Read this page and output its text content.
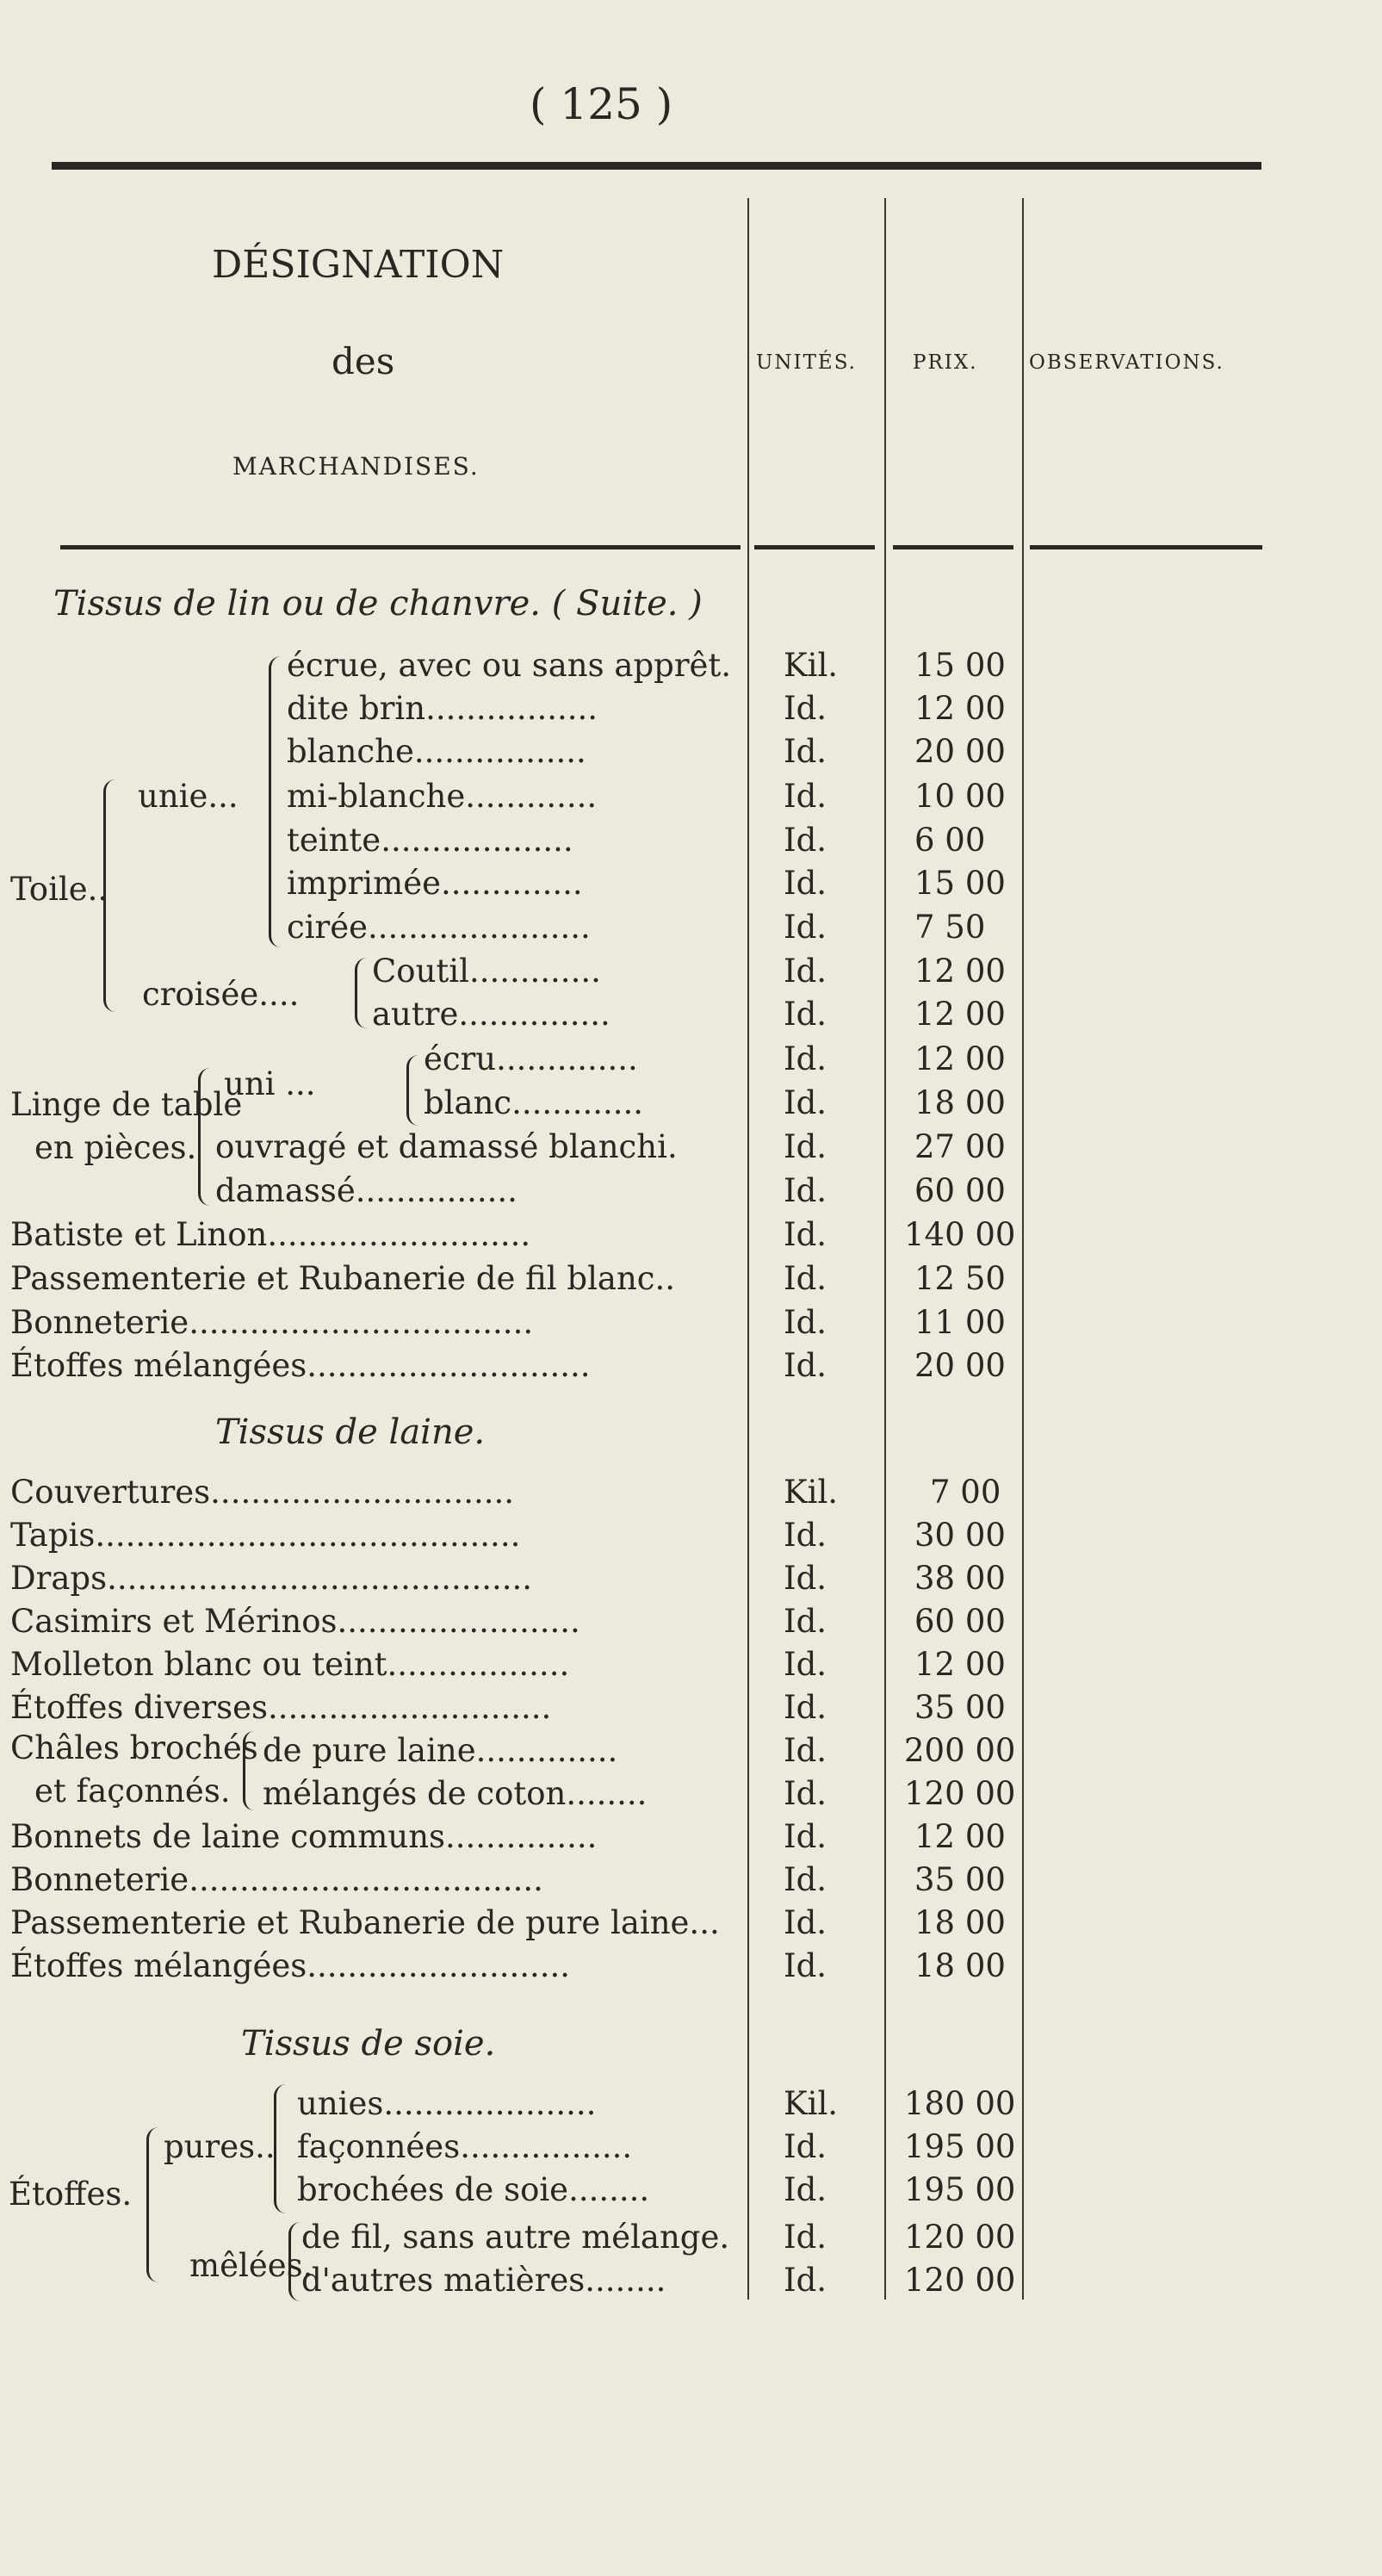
( 125 )
DÉSIGNATION
des
MARCHANDISES.
UNITÉS.	PRIX.	OBSERVATIONS.
Tissus de lin ou de chanvre. ( Suite. )
Toile..
unie...
croisée....
Linge de table
en pièces.
uni ...
Châles brochés
et façonnés.
Étoffes.
pures..
mêlées.
Tissus de laine.
Tissus de soie.
écrue, avec ou sans apprêt. Kil. 15 00
dite brin.................	Id.	12 00
blanche.................	Id.	20 00
mi-blanche.............	Id.	10 00
teinte...................	Id.	6 00
imprimée..............	Id.	15 00
cirée......................	Id.	7 50
Coutil.............	Id.	12 00
autre...............	Id.	12 00
écru..............	Id.	12 00
blanc.............	Id.	18 00
ouvragé et damassé blanchi.	Id.	27 00
damassé................	Id.	60 00
Batiste et Linon..........................	Id. 140 00
Passementerie et Rubanerie de fil blanc..	Id.	12 50
Bonneterie..................................	Id.	11 00
Étoffes mélangées............................	Id.	20 00
Couvertures..............................	Kil.	7 00
Tapis..........................................	Id.	30 00
Draps..........................................	Id.	38 00
Casimirs et Mérinos........................	Id.	60 00
Molleton blanc ou teint..................	Id.	12 00
Étoffes diverses............................	Id.	35 00
de pure laine..............	Id. 200 00
mélangés de coton........	Id. 120 00
Bonnets de laine communs...............	Id.	12 00
Bonneterie...................................	Id.	35 00
Passementerie et Rubanerie de pure laine... Id.	18 00
Étoffes mélangées..........................	Id.	18 00
unies.....................	Kil. 180 00
façonnées.................	Id. 195 00
brochées de soie........	Id. 195 00
de fil, sans autre mélange. Id. 120 00
d'autres matières........	Id. 120 00
